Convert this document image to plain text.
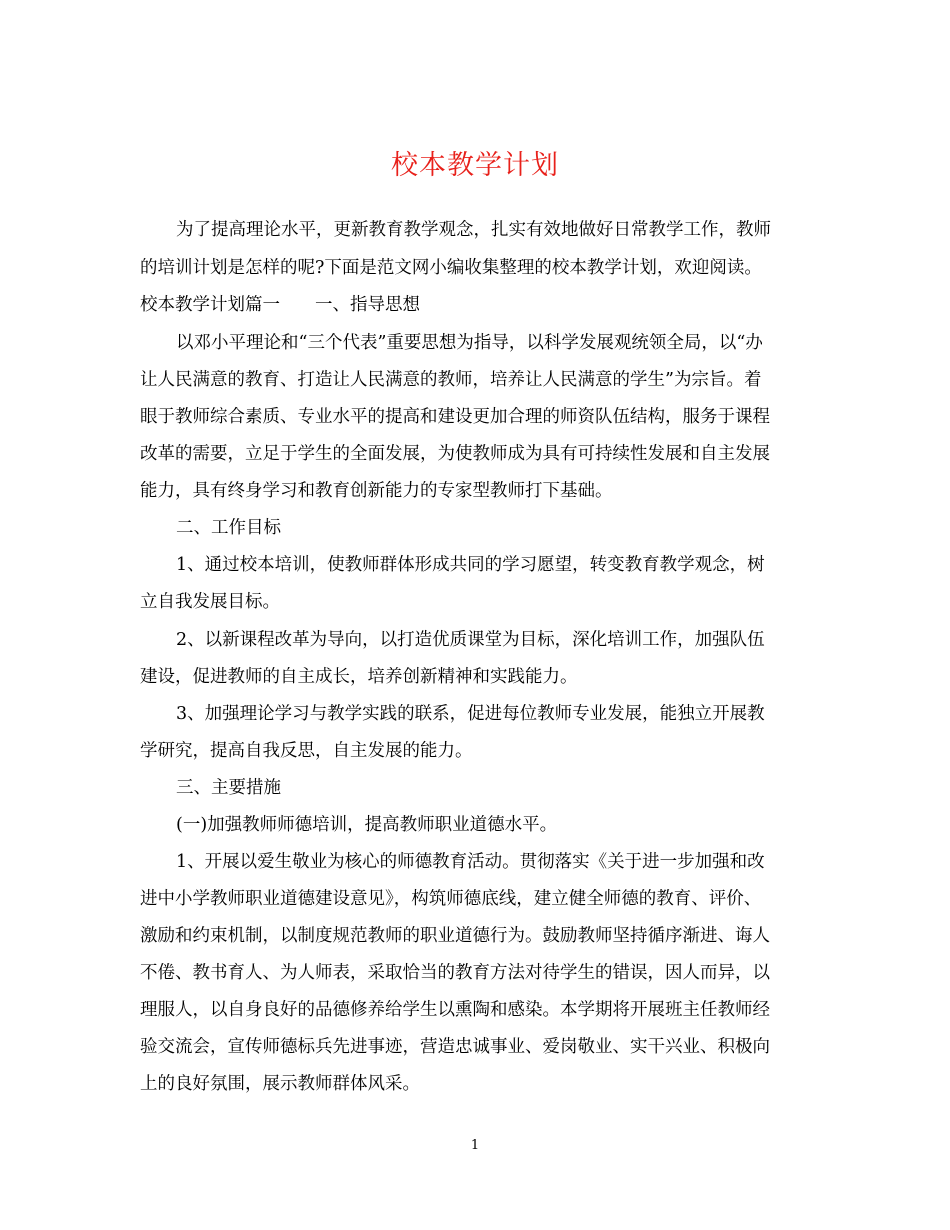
校本教学计划
为了提高理论水平，更新教育教学观念，扎实有效地做好日常教学工作，教师
的培训计划是怎样的呢?下面是范文网小编收集整理的校本教学计划，欢迎阅读。
校本教学计划篇一　　一、指导思想
以邓小平理论和“三个代表”重要思想为指导，以科学发展观统领全局，以“办
让人民满意的教育、打造让人民满意的教师，培养让人民满意的学生”为宗旨。着
眼于教师综合素质、专业水平的提高和建设更加合理的师资队伍结构，服务于课程
改革的需要，立足于学生的全面发展，为使教师成为具有可持续性发展和自主发展
能力，具有终身学习和教育创新能力的专家型教师打下基础。
二、工作目标
1、通过校本培训，使教师群体形成共同的学习愿望，转变教育教学观念，树
立自我发展目标。
2、以新课程改革为导向，以打造优质课堂为目标，深化培训工作，加强队伍
建设，促进教师的自主成长，培养创新精神和实践能力。
3、加强理论学习与教学实践的联系，促进每位教师专业发展，能独立开展教
学研究，提高自我反思，自主发展的能力。
三、主要措施
(一)加强教师师德培训，提高教师职业道德水平。
1、开展以爱生敬业为核心的师德教育活动。贯彻落实《关于进一步加强和改
进中小学教师职业道德建设意见》，构筑师德底线，建立健全师德的教育、评价、
激励和约束机制，以制度规范教师的职业道德行为。鼓励教师坚持循序渐进、诲人
不倦、教书育人、为人师表，采取恰当的教育方法对待学生的错误，因人而异，以
理服人，以自身良好的品德修养给学生以熏陶和感染。本学期将开展班主任教师经
验交流会，宣传师德标兵先进事迹，营造忠诚事业、爱岗敬业、实干兴业、积极向
上的良好氛围，展示教师群体风采。
1
